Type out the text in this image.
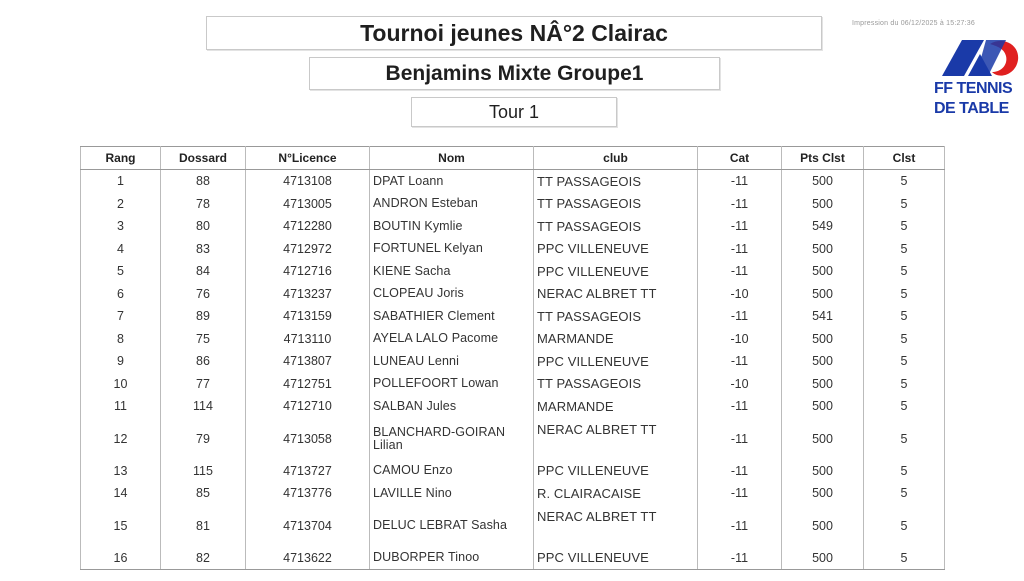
Tournoi jeunes NÂ°2 Clairac
Benjamins Mixte Groupe1
Tour 1
Impression du 06/12/2025 à 15:27:36
FF TENNIS
DE TABLE
Rang	Dossard	N°Licence	Nom	club	Cat	Pts Clst	Clst
1	88	4713108	DPAT Loann	TT PASSAGEOIS	-11	500	5
2	78	4713005	ANDRON Esteban	TT PASSAGEOIS	-11	500	5
3	80	4712280	BOUTIN Kymlie	TT PASSAGEOIS	-11	549	5
4	83	4712972	FORTUNEL Kelyan	PPC VILLENEUVE	-11	500	5
5	84	4712716	KIENE Sacha	PPC VILLENEUVE	-11	500	5
6	76	4713237	CLOPEAU Joris	NERAC ALBRET TT	-10	500	5
7	89	4713159	SABATHIER Clement	TT PASSAGEOIS	-11	541	5
8	75	4713110	AYELA LALO Pacome	MARMANDE	-10	500	5
9	86	4713807	LUNEAU Lenni	PPC VILLENEUVE	-11	500	5
10	77	4712751	POLLEFOORT Lowan	TT PASSAGEOIS	-10	500	5
11	114	4712710	SALBAN Jules	MARMANDE	-11	500	5
12	79	4713058	BLANCHARD-GOIRAN Lilian	NERAC ALBRET TT	-11	500	5
13	115	4713727	CAMOU Enzo	PPC VILLENEUVE	-11	500	5
14	85	4713776	LAVILLE Nino	R. CLAIRACAISE	-11	500	5
15	81	4713704	DELUC LEBRAT Sasha	NERAC ALBRET TT	-11	500	5
16	82	4713622	DUBORPER Tinoo	PPC VILLENEUVE	-11	500	5
